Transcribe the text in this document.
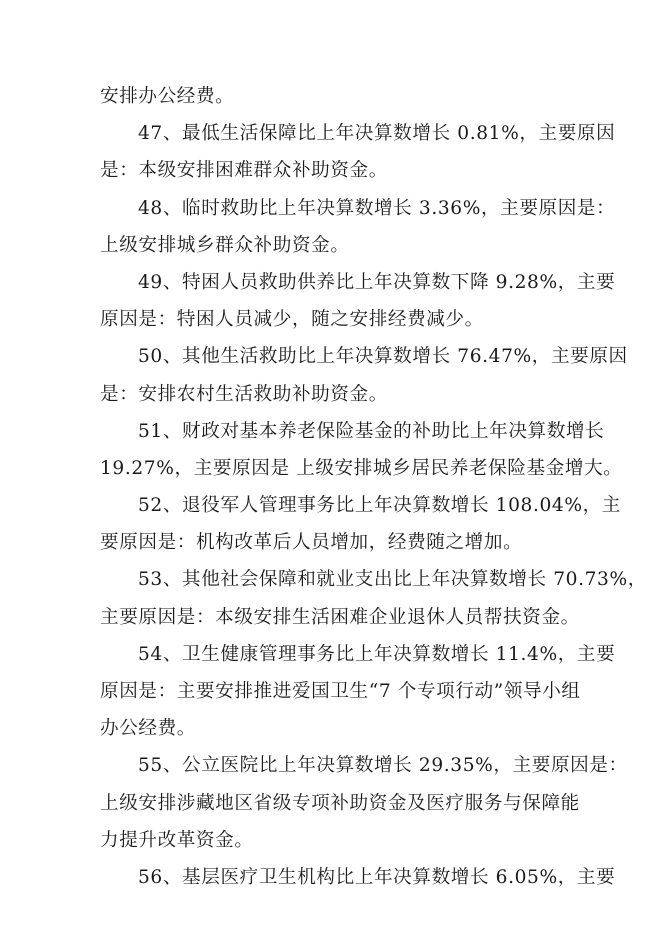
安排办公经费。
47、最低生活保障比上年决算数增长 0.81%，主要原因
是：本级安排困难群众补助资金。
48、临时救助比上年决算数增长 3.36%，主要原因是：
上级安排城乡群众补助资金。
49、特困人员救助供养比上年决算数下降 9.28%，主要
原因是：特困人员减少，随之安排经费减少。
50、其他生活救助比上年决算数增长 76.47%，主要原因
是：安排农村生活救助补助资金。
51、财政对基本养老保险基金的补助比上年决算数增长
19.27%，主要原因是 上级安排城乡居民养老保险基金增大。
52、退役军人管理事务比上年决算数增长 108.04%，主
要原因是：机构改革后人员增加，经费随之增加。
53、其他社会保障和就业支出比上年决算数增长 70.73%，
主要原因是：本级安排生活困难企业退休人员帮扶资金。
54、卫生健康管理事务比上年决算数增长 11.4%，主要
原因是：主要安排推进爱国卫生“7 个专项行动”领导小组
办公经费。
55、公立医院比上年决算数增长 29.35%，主要原因是：
上级安排涉藏地区省级专项补助资金及医疗服务与保障能
力提升改革资金。
56、基层医疗卫生机构比上年决算数增长 6.05%，主要
